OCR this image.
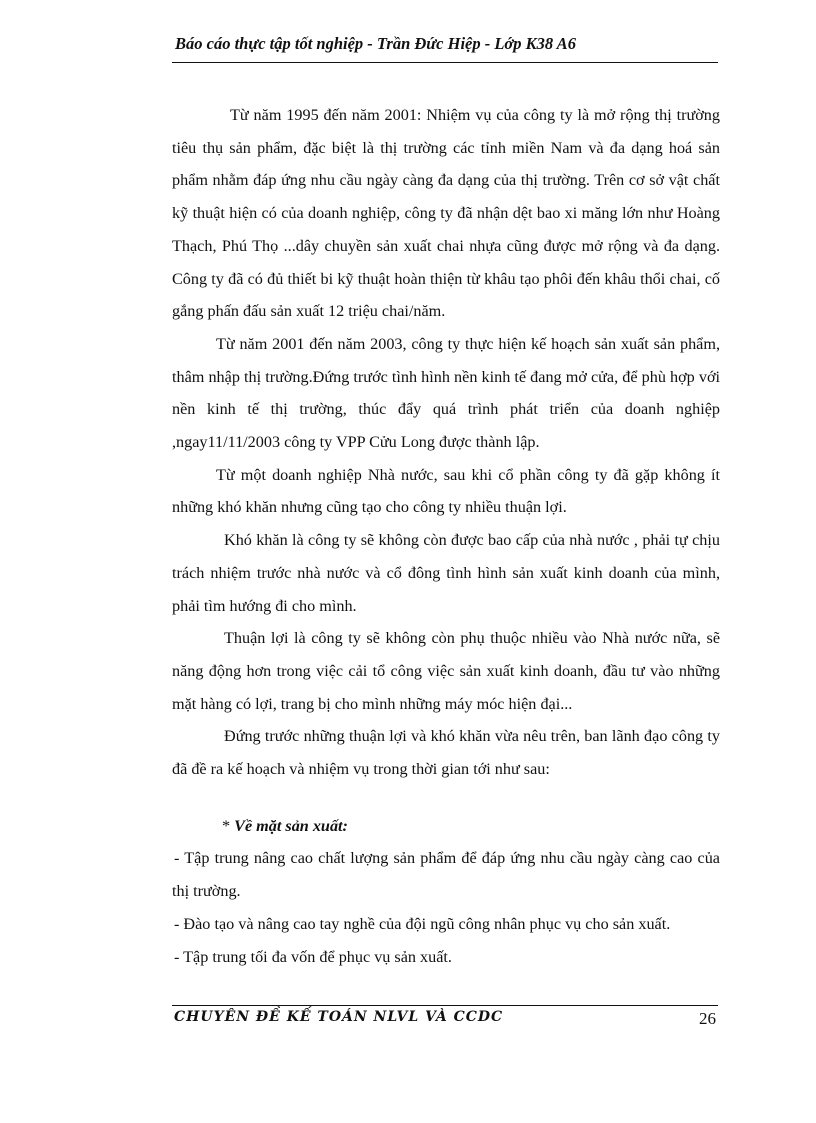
Báo cáo thực tập tốt nghiệp - Trần Đức Hiệp - Lớp K38 A6

Từ năm 1995 đến năm 2001: Nhiệm vụ của công ty là mở rộng thị trường tiêu thụ sản phẩm, đặc biệt là thị trường các tỉnh miền Nam và đa dạng hoá sản phẩm nhằm đáp ứng nhu cầu ngày càng đa dạng của thị trường. Trên cơ sở vật chất kỹ thuật hiện có của doanh nghiệp, công ty đã nhận dệt bao xi măng lớn như Hoàng Thạch, Phú Thọ ...dây chuyền sản xuất chai nhựa cũng được mở rộng và đa dạng. Công ty đã có đủ thiết bi kỹ thuật hoàn thiện từ khâu tạo phôi đến khâu thổi chai, cố gắng phấn đấu sản xuất 12 triệu chai/năm.

Từ năm 2001 đến năm 2003, công ty thực hiện kế hoạch sản xuất sản phẩm, thâm nhập thị trường.Đứng trước tình hình nền kinh tế đang mở cửa, để phù hợp với nền kinh tế thị trường, thúc đẩy quá trình phát triển của doanh nghiệp ,ngay11/11/2003 công ty VPP Cửu Long được thành lập.

Từ một doanh nghiệp Nhà nước, sau khi cổ phần công ty đã gặp không ít những khó khăn nhưng cũng tạo cho công ty nhiều thuận lợi.

Khó khăn là công ty sẽ không còn được bao cấp của nhà nước , phải tự chịu trách nhiệm trước nhà nước và cổ đông tình hình sản xuất kinh doanh của mình, phải tìm hướng đi cho mình.

Thuận lợi là công ty sẽ không còn phụ thuộc nhiều vào Nhà nước nữa, sẽ năng động hơn trong việc cải tổ công việc sản xuất kinh doanh, đầu tư vào những mặt hàng có lợi, trang bị cho mình những máy móc hiện đại...

Đứng trước những thuận lợi và khó khăn vừa nêu trên, ban lãnh đạo công ty đã đề ra kế hoạch và nhiệm vụ trong thời gian tới như sau:

* Về mặt sản xuất:

- Tập trung nâng cao chất lượng sản phẩm để đáp ứng nhu cầu ngày càng cao của thị trường.

- Đào tạo và nâng cao tay nghề của đội ngũ công nhân phục vụ cho sản xuất.

- Tập trung tối đa vốn để phục vụ sản xuất.

CHUYÊN ĐỀ KẾ TOÁN NLVL VÀ CCDC	26
